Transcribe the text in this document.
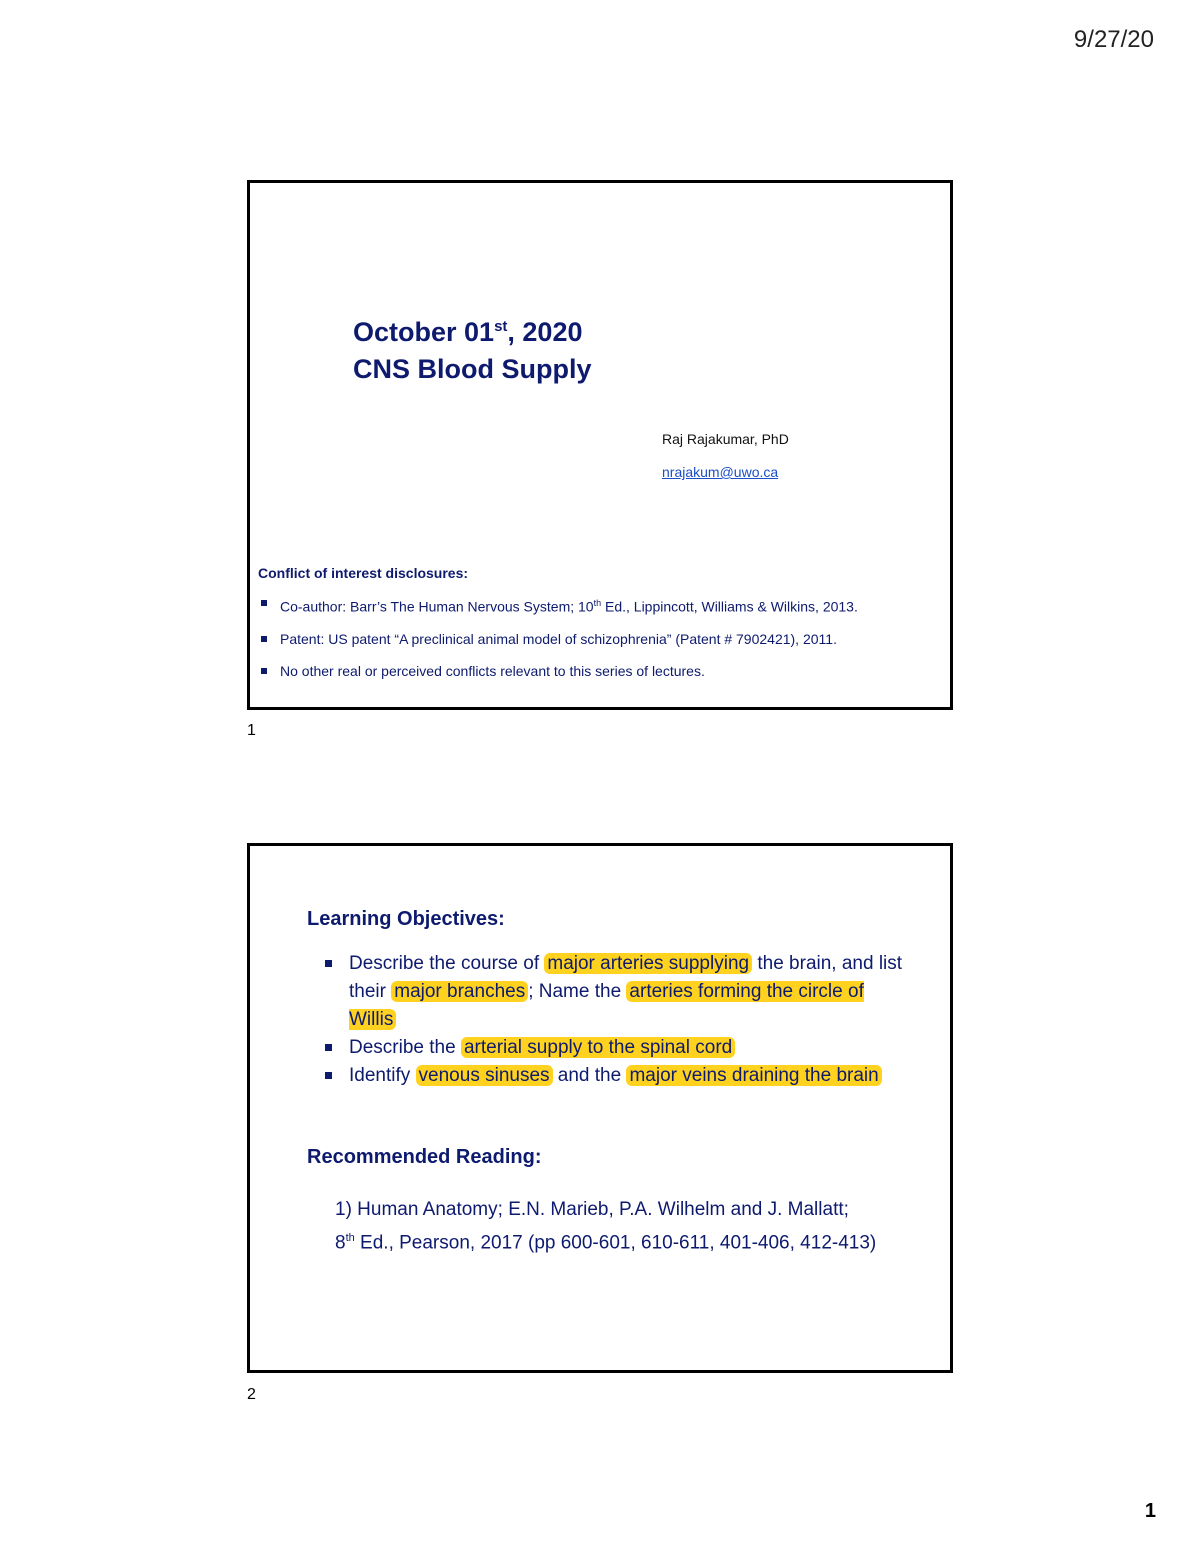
9/27/20
October 01st, 2020
CNS Blood Supply
Raj Rajakumar, PhD
nrajakum@uwo.ca
Conflict of interest disclosures:
Co-author: Barr’s The Human Nervous System; 10th Ed., Lippincott, Williams & Wilkins, 2013.
Patent: US patent “A preclinical animal model of schizophrenia” (Patent # 7902421), 2011.
No other real or perceived conflicts relevant to this series of lectures.
1
Learning Objectives:
Describe the course of major arteries supplying the brain, and list their major branches ; Name the arteries forming the circle of Willis
Describe the arterial supply to the spinal cord
Identify venous sinuses and the major veins draining the brain
Recommended Reading:
1) Human Anatomy; E.N. Marieb, P.A. Wilhelm and J. Mallatt;
8th Ed., Pearson, 2017 (pp 600-601, 610-611, 401-406, 412-413)
2
1
